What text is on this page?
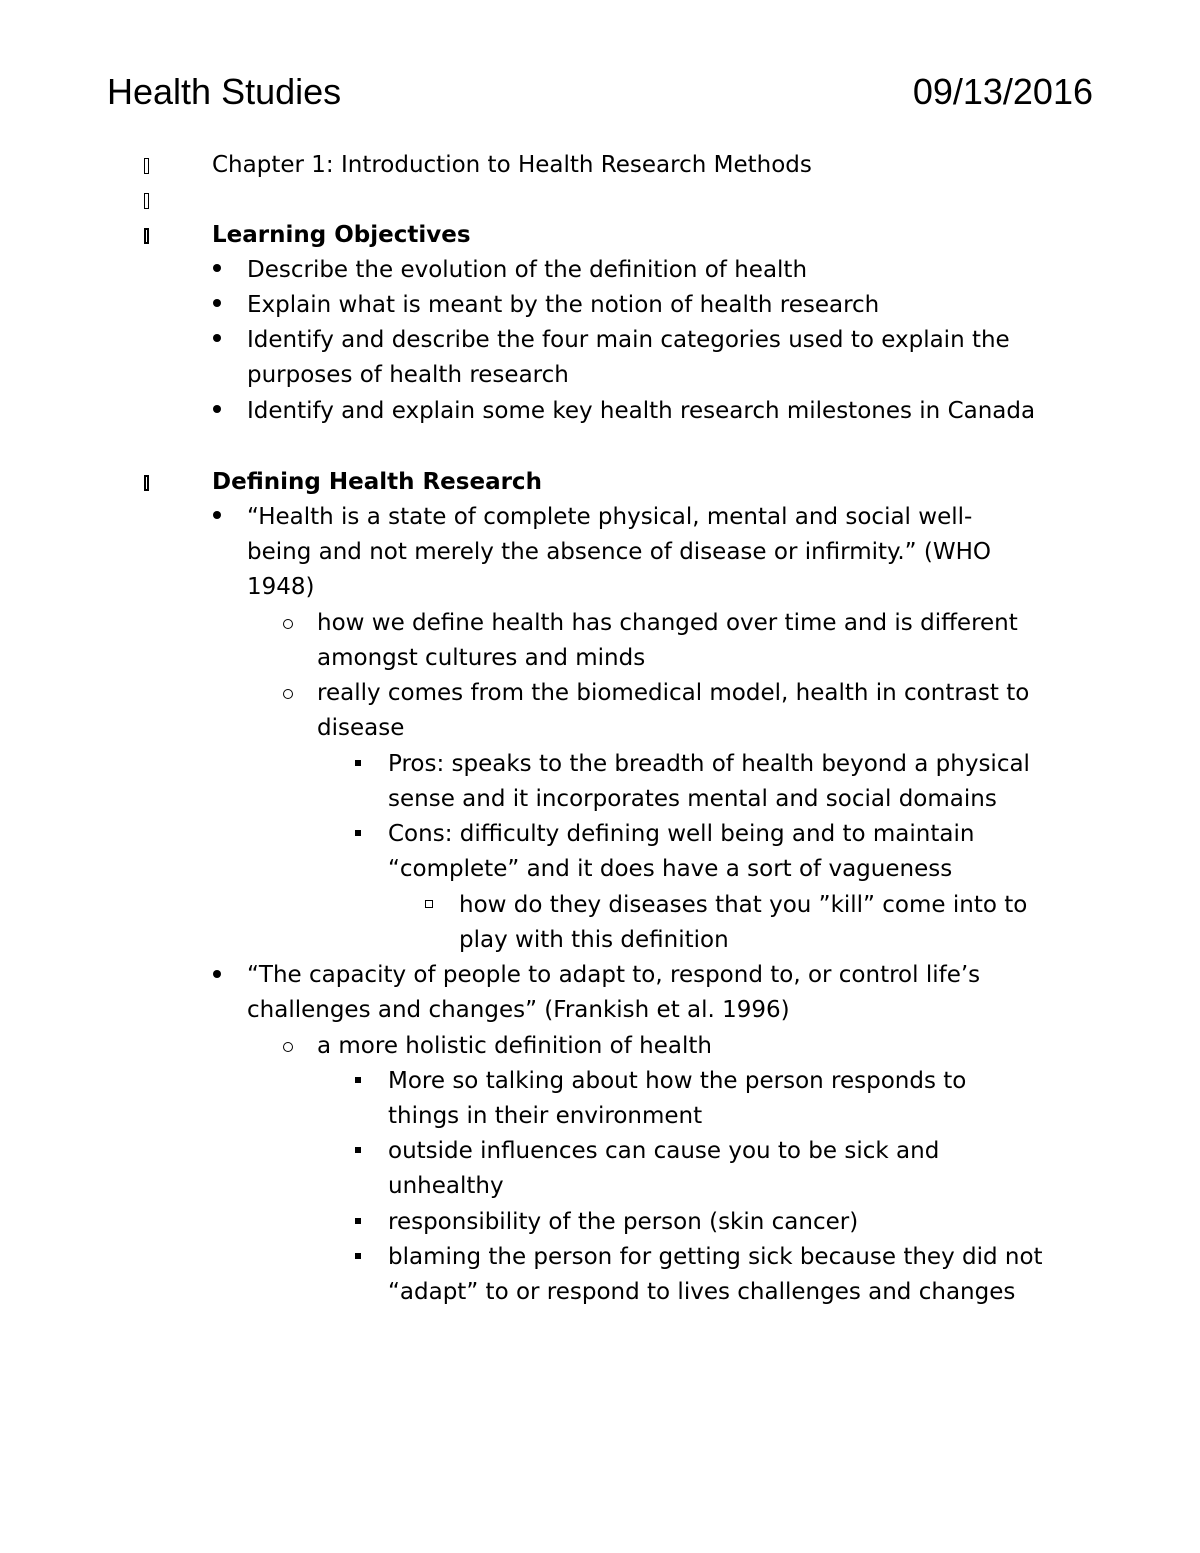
Health Studies	09/13/2016
Chapter 1: Introduction to Health Research Methods
Learning Objectives
Describe the evolution of the definition of health
Explain what is meant by the notion of health research
Identify and describe the four main categories used to explain the
purposes of health research
Identify and explain some key health research milestones in Canada
Defining Health Research
“Health is a state of complete physical, mental and social well-
being and not merely the absence of disease or infirmity.” (WHO
1948)
how we define health has changed over time and is different
amongst cultures and minds
really comes from the biomedical model, health in contrast to
disease
Pros: speaks to the breadth of health beyond a physical
sense and it incorporates mental and social domains
Cons: difficulty defining well being and to maintain
“complete” and it does have a sort of vagueness
how do they diseases that you ”kill” come into to
play with this definition
“The capacity of people to adapt to, respond to, or control life’s
challenges and changes” (Frankish et al. 1996)
a more holistic definition of health
More so talking about how the person responds to
things in their environment
outside influences can cause you to be sick and
unhealthy
responsibility of the person (skin cancer)
blaming the person for getting sick because they did not
“adapt” to or respond to lives challenges and changes
